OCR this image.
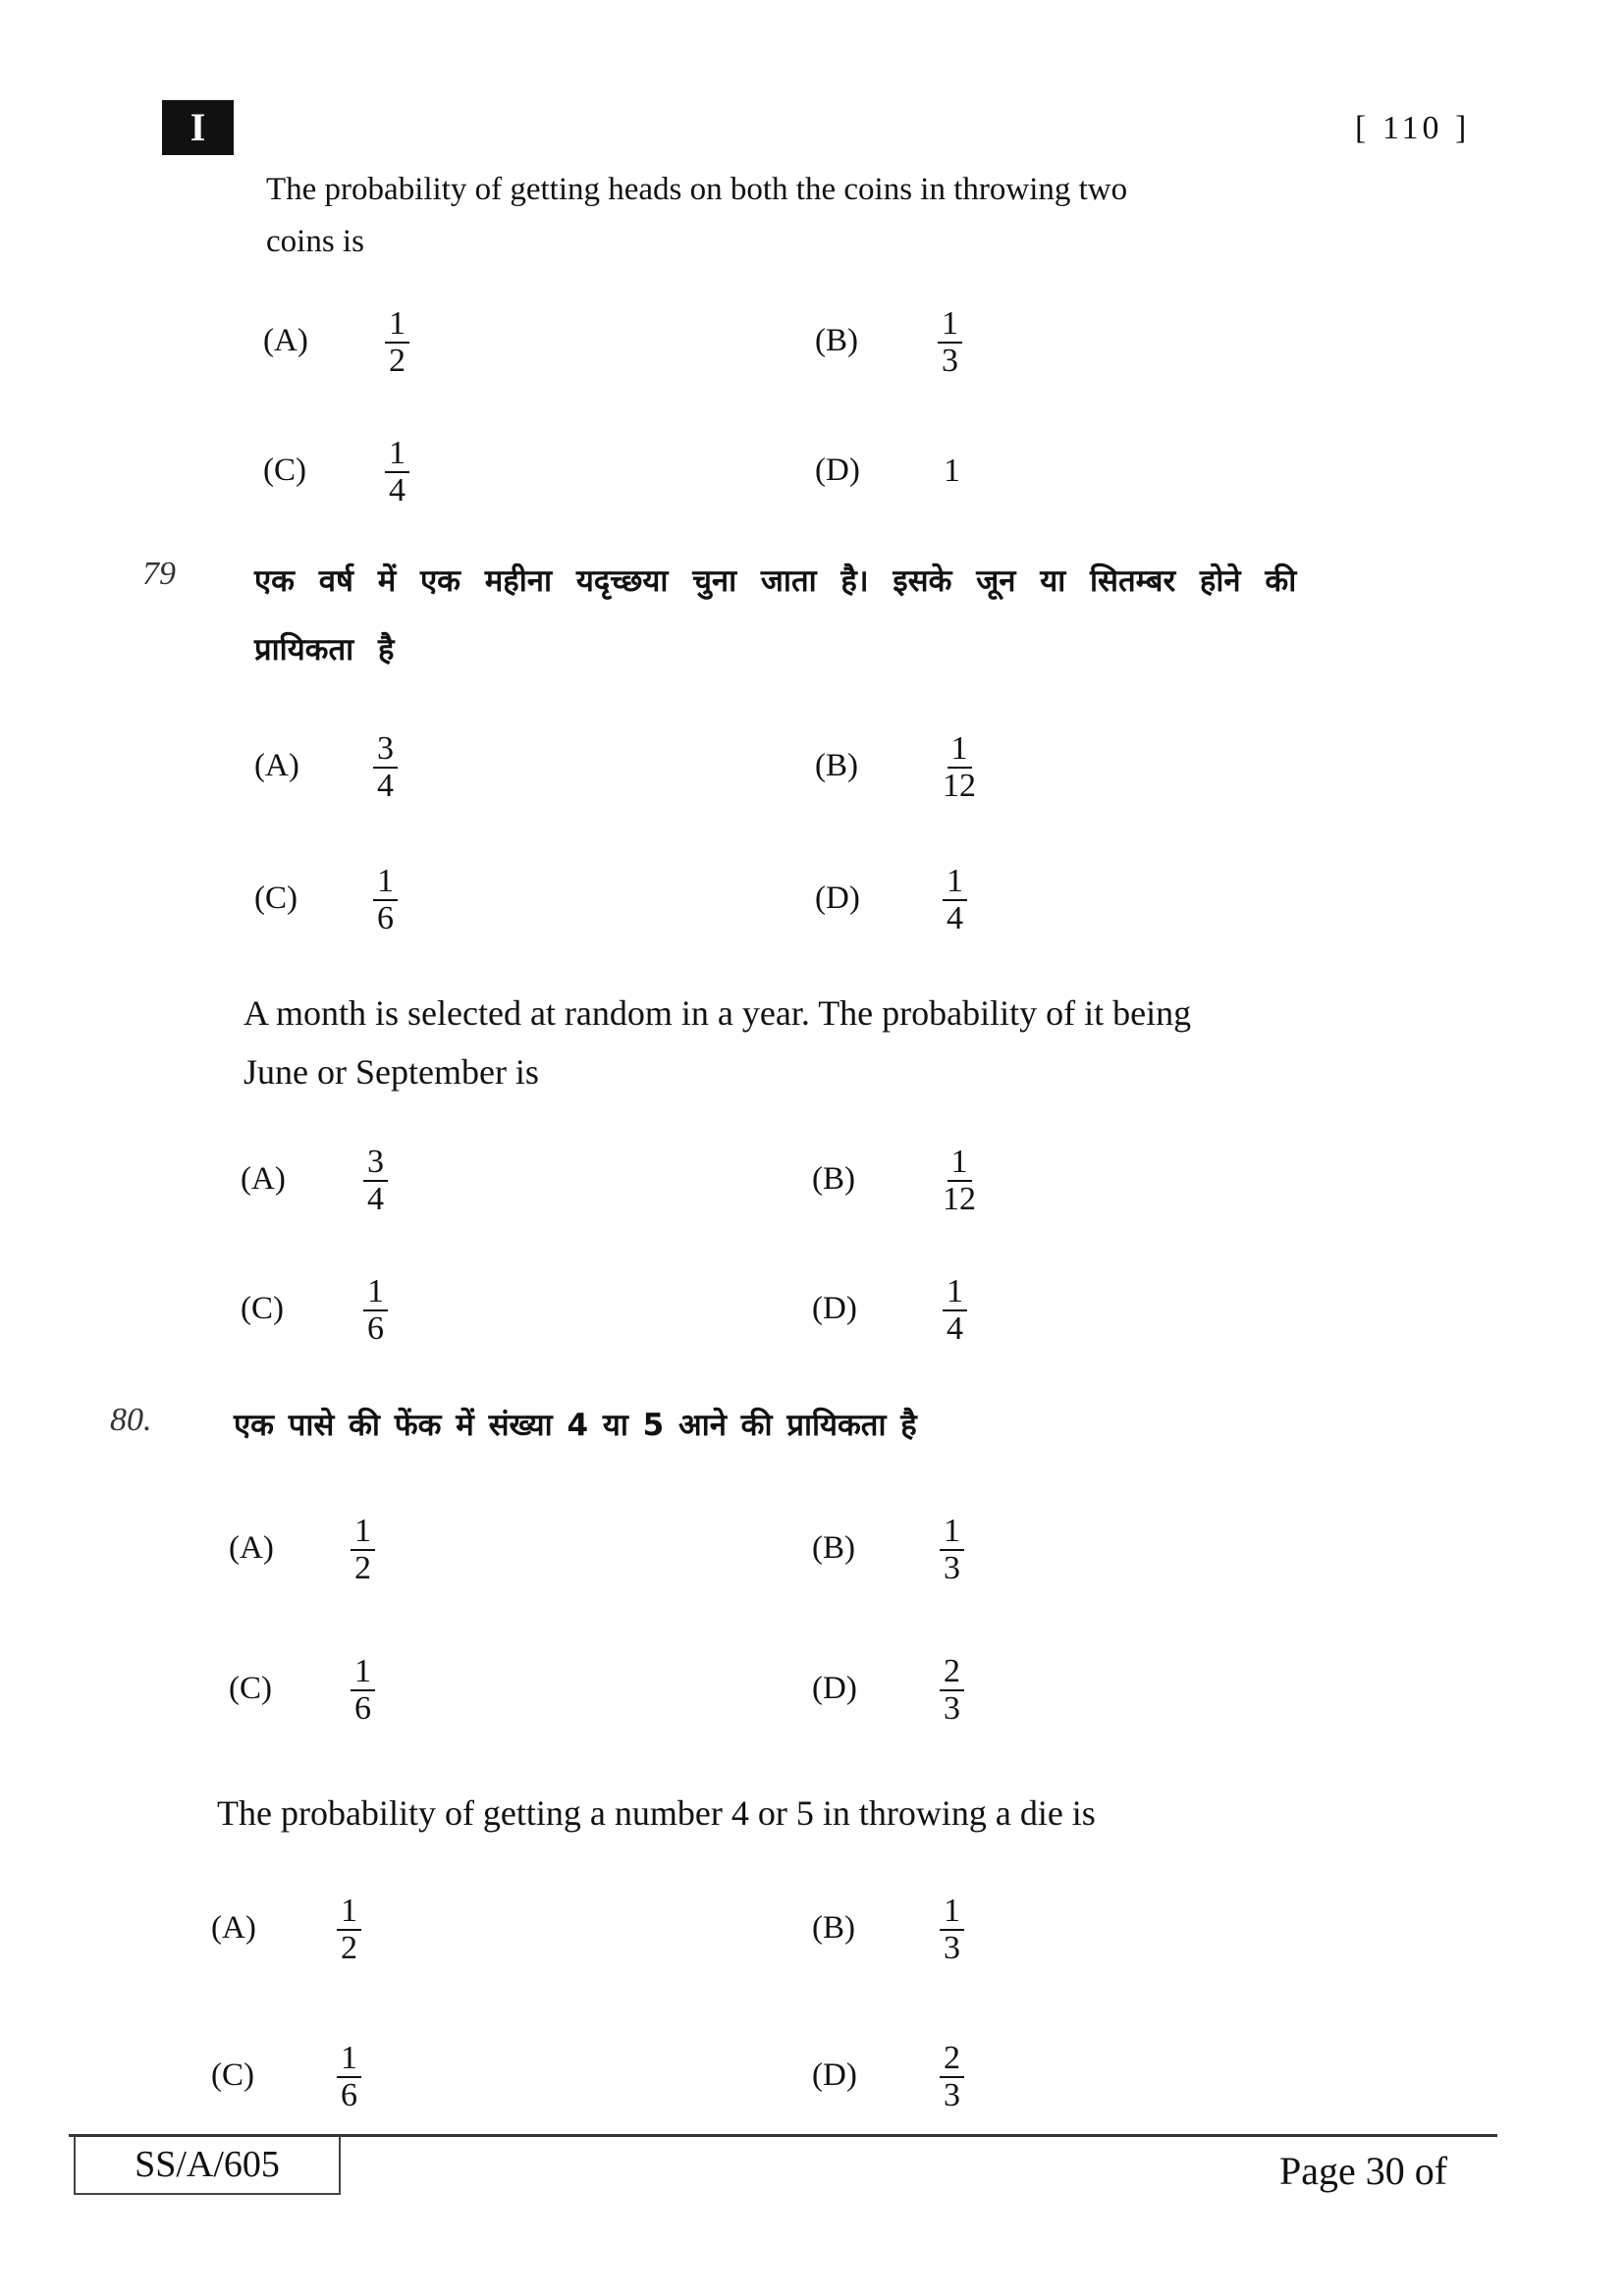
I	[ 110 ]
The probability of getting heads on both the coins in throwing two
coins is
79	एक वर्ष में एक महीना यदृच्छया चुना जाता है। इसके जून या सितम्बर होने की
प्रायिकता है
A month is selected at random in a year. The probability of it being
June or September is
80.	एक पासे की फेंक में संख्या 4 या 5 आने की प्रायिकता है
The probability of getting a number 4 or 5 in throwing a die is
SS/A/605	Page 30 of
$(A) \frac{1}{2}$	$(B) \frac{1}{3}$
$(C) \frac{1}{4}$	(D)	1
$(A) \frac{3}{4}$	(B)	$\frac{1}{12}$
$(C) \frac{1}{6}$	$(D) \frac{1}{4}$
$(A) \frac{3}{4}$	(B)	$\frac{1}{12}$
$(C) \frac{1}{6}$	(D)	$\frac{1}{4}$
$(A) \frac{1}{2}$	(B)	$\frac{1}{3}$
$(C) \frac{1}{6}$	$(D) \frac{2}{3}$
$(A) \frac{1}{2}$	(B)	$\frac{1}{3}$
$(C) \frac{1}{6}$	$(D) \frac{2}{3}$
